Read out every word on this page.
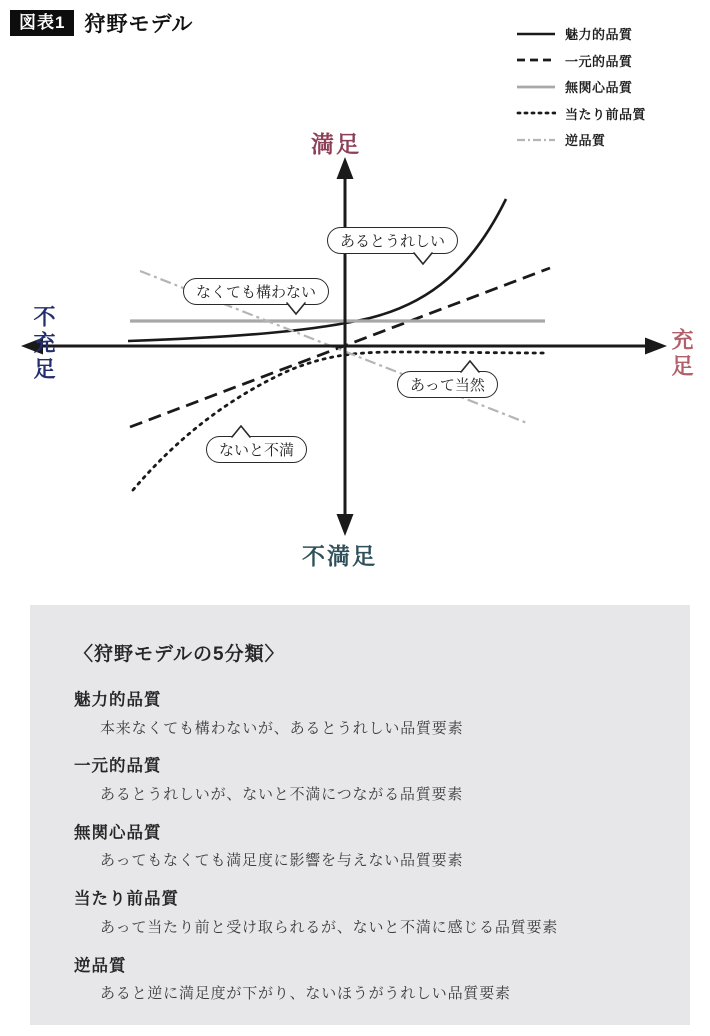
図表1 狩野モデル	魅力的品質
一元的品質
無関心品質
当たり前品質
逆品質
満足
不満足
不充足	充足
あるとうれしい
なくても構わない
あって当然
ないと不満
〈狩野モデルの5分類〉
魅力的品質
本来なくても構わないが、あるとうれしい品質要素
一元的品質
あるとうれしいが、ないと不満につながる品質要素
無関心品質
あってもなくても満足度に影響を与えない品質要素
当たり前品質
あって当たり前と受け取られるが、ないと不満に感じる品質要素
逆品質
あると逆に満足度が下がり、ないほうがうれしい品質要素
